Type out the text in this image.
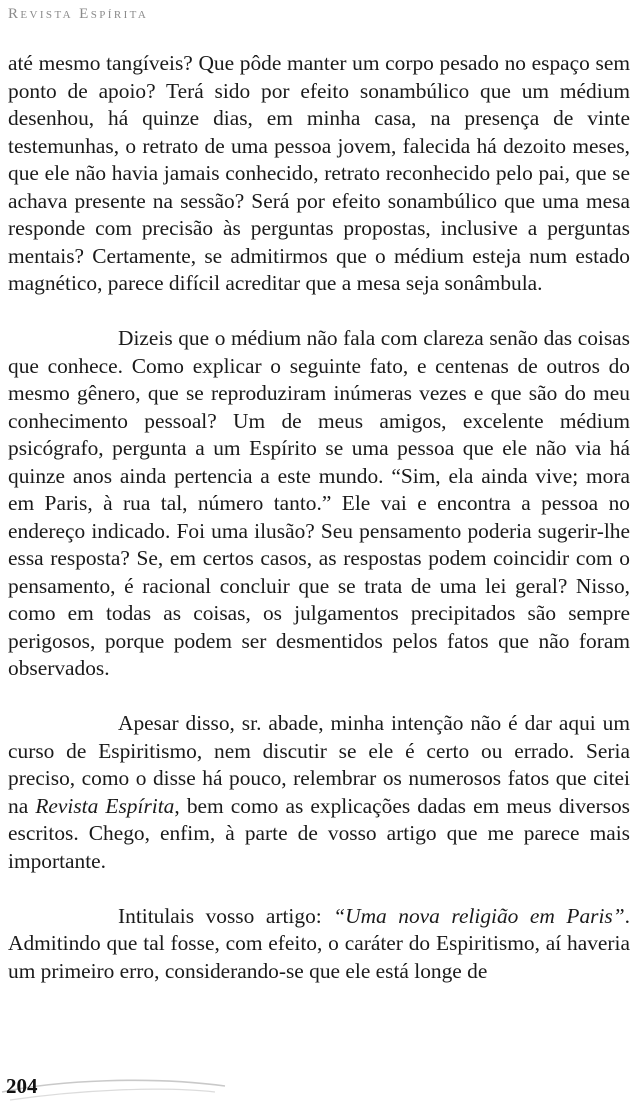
Revista Espírita

até mesmo tangíveis? Que pôde manter um corpo pesado no espaço sem ponto de apoio? Terá sido por efeito sonambúlico que um médium desenhou, há quinze dias, em minha casa, na presença de vinte testemunhas, o retrato de uma pessoa jovem, falecida há dezoito meses, que ele não havia jamais conhecido, retrato reconhecido pelo pai, que se achava presente na sessão? Será por efeito sonambúlico que uma mesa responde com precisão às perguntas propostas, inclusive a perguntas mentais? Certamente, se admitirmos que o médium esteja num estado magnético, parece difícil acreditar que a mesa seja sonâmbula.

Dizeis que o médium não fala com clareza senão das coisas que conhece. Como explicar o seguinte fato, e centenas de outros do mesmo gênero, que se reproduziram inúmeras vezes e que são do meu conhecimento pessoal? Um de meus amigos, excelente médium psicógrafo, pergunta a um Espírito se uma pessoa que ele não via há quinze anos ainda pertencia a este mundo. “Sim, ela ainda vive; mora em Paris, à rua tal, número tanto.” Ele vai e encontra a pessoa no endereço indicado. Foi uma ilusão? Seu pensamento poderia sugerir-lhe essa resposta? Se, em certos casos, as respostas podem coincidir com o pensamento, é racional concluir que se trata de uma lei geral? Nisso, como em todas as coisas, os julgamentos precipitados são sempre perigosos, porque podem ser desmentidos pelos fatos que não foram observados.

Apesar disso, sr. abade, minha intenção não é dar aqui um curso de Espiritismo, nem discutir se ele é certo ou errado. Seria preciso, como o disse há pouco, relembrar os numerosos fatos que citei na Revista Espírita, bem como as explicações dadas em meus diversos escritos. Chego, enfim, à parte de vosso artigo que me parece mais importante.

Intitulais vosso artigo: “Uma nova religião em Paris”. Admitindo que tal fosse, com efeito, o caráter do Espiritismo, aí haveria um primeiro erro, considerando-se que ele está longe de

204
